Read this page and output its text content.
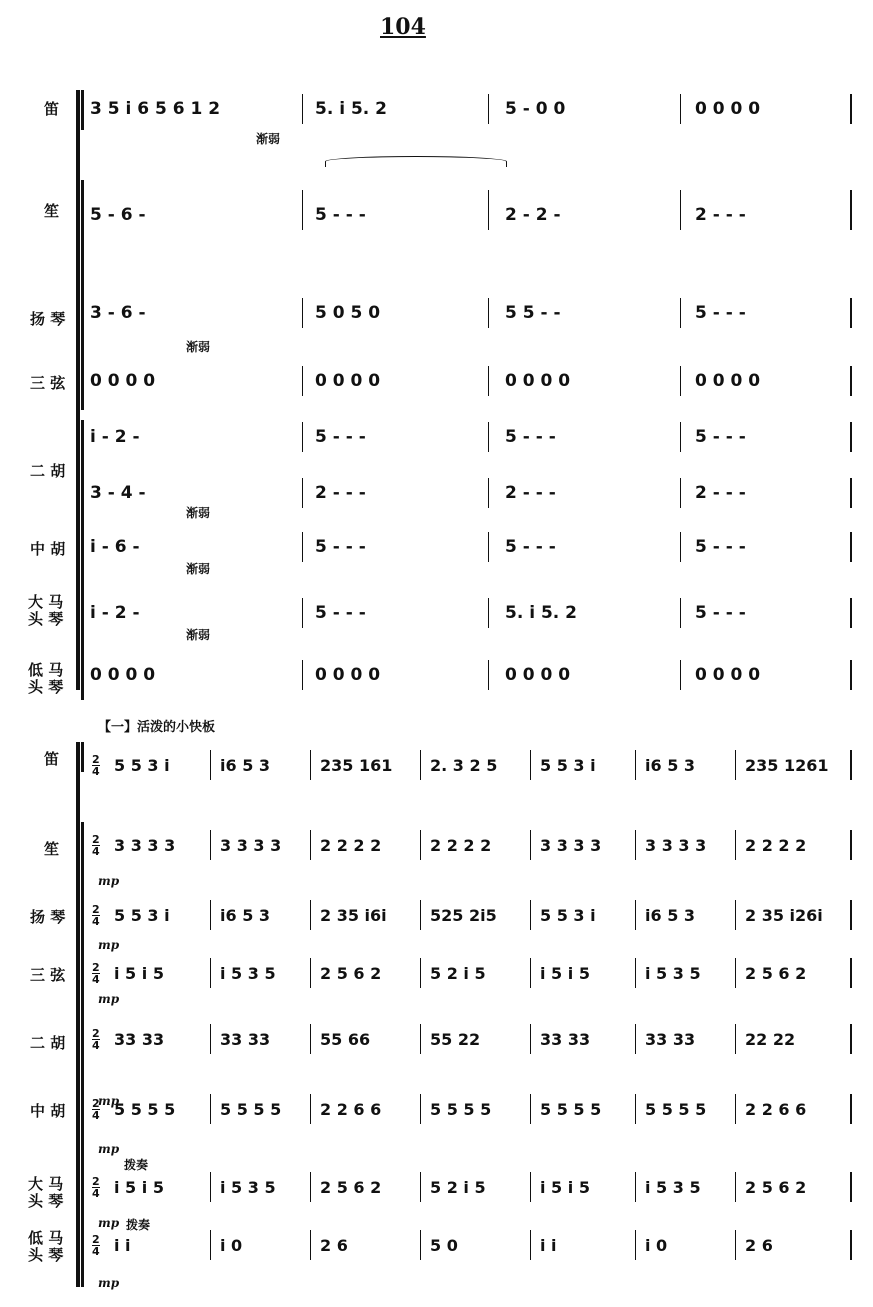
104
笛
笙
扬 琴
三 弦
二 胡
中 胡
大 马
头 琴
低 马
头 琴
3 5 i 6 5 6 1 2	5. i 5. 2	5 - 0 0	0 0 0 0
渐弱
5 - 6 -	5 - - -	2 - 2 -	2 - - -
3 - 6 -	5 0 5 0	5 5 - -	5 - - -
渐弱
0 0 0 0	0 0 0 0	0 0 0 0	0 0 0 0
i - 2 -	5 - - -	5 - - -	5 - - -
3 - 4 -	2 - - -	2 - - -	2 - - -
渐弱
i - 6 -	5 - - -	5 - - -	5 - - -
渐弱
i - 2 -	5 - - -	5. i 5. 2	5 - - -
渐弱
0 0 0 0	0 0 0 0	0 0 0 0	0 0 0 0
【一】活泼的小快板
笛
笙
扬 琴
三 弦
二 胡
中 胡
大 马
头 琴
低 马
头 琴
2
4 5 5 3 i	i6 5 3	235 161	2. 3 2 5	5 5 3 i	i6 5 3	235 1261
2
4 3 3 3 3	3 3 3 3	2 2 2 2	2 2 2 2	3 3 3 3	3 3 3 3	2 2 2 2
2
4 5 5 3 i	i6 5 3	2 35 i6i	525 2i5	5 5 3 i	i6 5 3	2 35 i26i
2
4 i 5 i 5	i 5 3 5	2 5 6 2	5 2 i 5	i 5 i 5	i 5 3 5	2 5 6 2
2
4 33 33	33 33	55 66	55 22	33 33	33 33	22 22
2
4 5 5 5 5	5 5 5 5	2 2 6 6	5 5 5 5	5 5 5 5	5 5 5 5	2 2 6 6
2
4 i 5 i 5	i 5 3 5	2 5 6 2	5 2 i 5	i 5 i 5	i 5 3 5	2 5 6 2
2
4 i i	i 0	2 6	5 0	i i	i 0	2 6
mp
mp
mp
mp
mp
拨奏
mp 拨奏
mp
